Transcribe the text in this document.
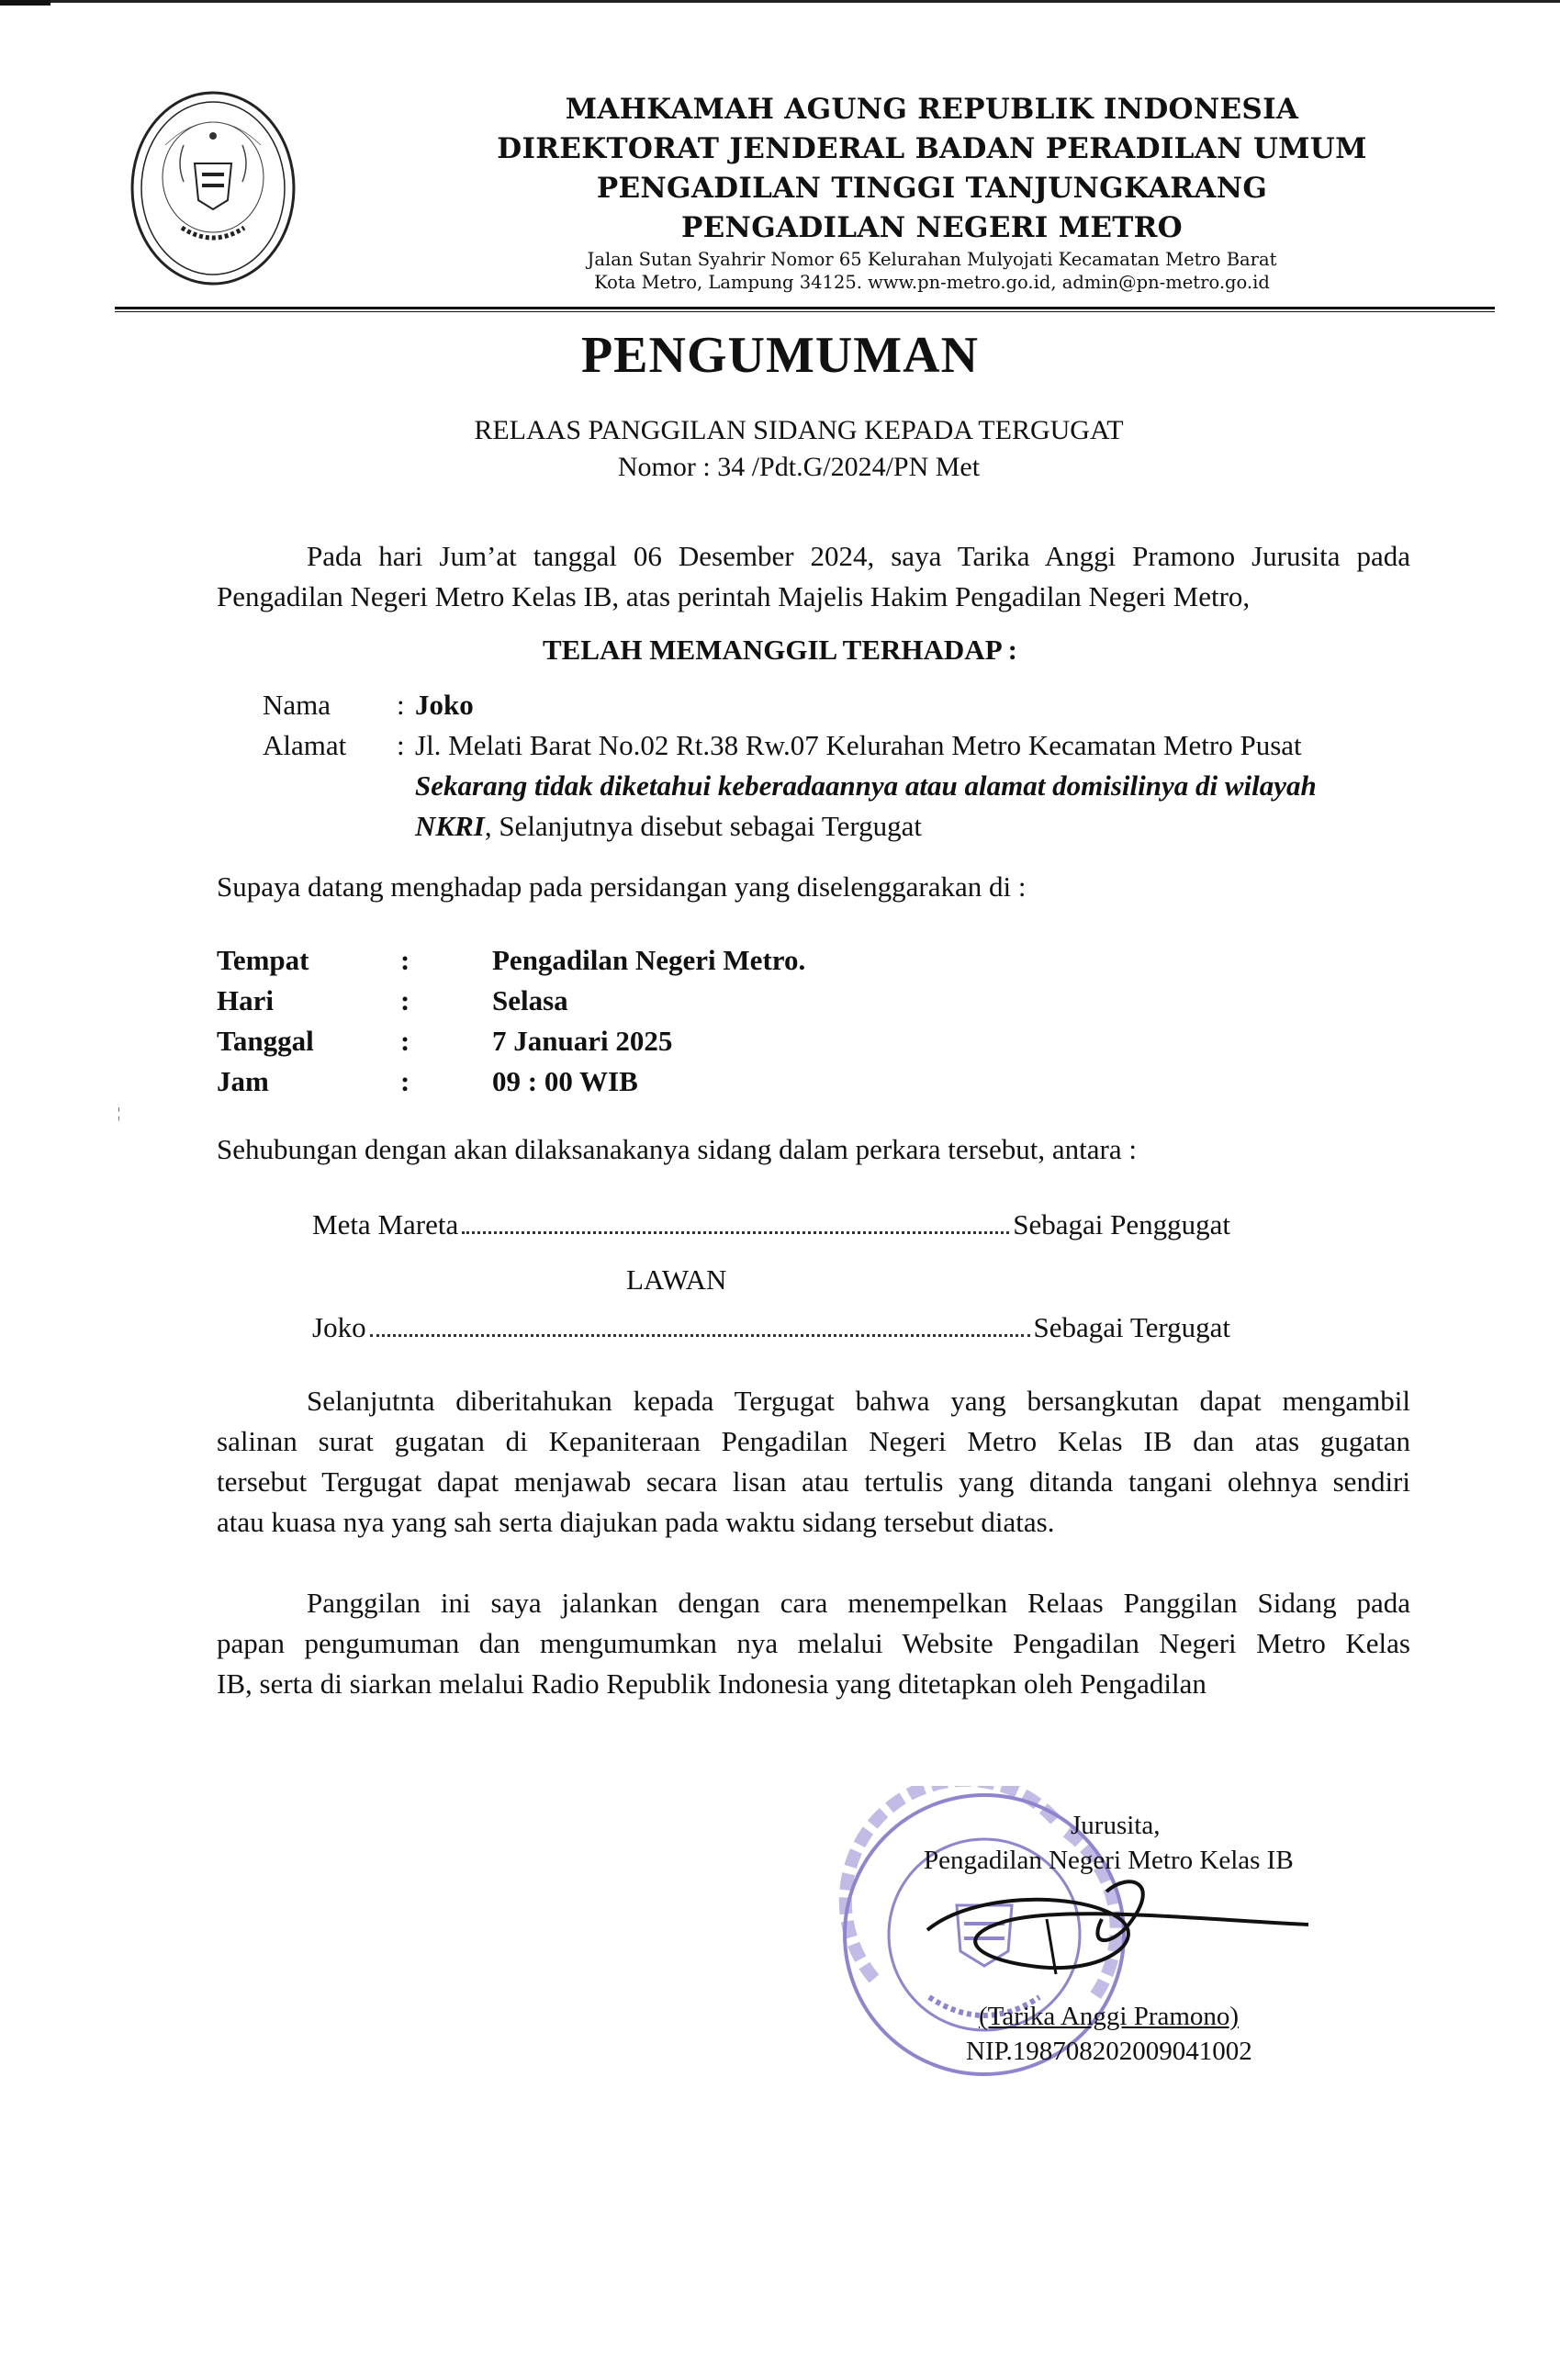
MAHKAMAH AGUNG REPUBLIK INDONESIA
DIREKTORAT JENDERAL BADAN PERADILAN UMUM
PENGADILAN TINGGI TANJUNGKARANG
PENGADILAN NEGERI METRO
Jalan Sutan Syahrir Nomor 65 Kelurahan Mulyojati Kecamatan Metro Barat
Kota Metro, Lampung 34125. www.pn-metro.go.id, admin@pn-metro.go.id
PENGUMUMAN
RELAAS PANGGILAN SIDANG KEPADA TERGUGAT
Nomor : 34 /Pdt.G/2024/PN Met
Pada hari Jum’at tanggal 06 Desember 2024, saya Tarika Anggi Pramono Jurusita pada
Pengadilan Negeri Metro Kelas IB, atas perintah Majelis Hakim Pengadilan Negeri Metro,
TELAH MEMANGGIL TERHADAP :
Nama : Joko
Alamat : Jl. Melati Barat No.02 Rt.38 Rw.07 Kelurahan Metro Kecamatan Metro Pusat
Sekarang tidak diketahui keberadaannya atau alamat domisilinya di wilayah
NKRI, Selanjutnya disebut sebagai Tergugat
Supaya datang menghadap pada persidangan yang diselenggarakan di :
Tempat	:	Pengadilan Negeri Metro.
Hari	:	Selasa
Tanggal	:	7 Januari 2025
Jam	:	09 : 00 WIB
¦
Sehubungan dengan akan dilaksanakanya sidang dalam perkara tersebut, antara :
Meta Mareta	Sebagai Penggugat
LAWAN
Joko	Sebagai Tergugat
Selanjutnta diberitahukan kepada Tergugat bahwa yang bersangkutan dapat mengambil
salinan surat gugatan di Kepaniteraan Pengadilan Negeri Metro Kelas IB dan atas gugatan
tersebut Tergugat dapat menjawab secara lisan atau tertulis yang ditanda tangani olehnya sendiri
atau kuasa nya yang sah serta diajukan pada waktu sidang tersebut diatas.
Panggilan ini saya jalankan dengan cara menempelkan Relaas Panggilan Sidang pada
papan pengumuman dan mengumumkan nya melalui Website Pengadilan Negeri Metro Kelas
IB, serta di siarkan melalui Radio Republik Indonesia yang ditetapkan oleh Pengadilan
Jurusita,
Pengadilan Negeri Metro Kelas IB
(Tarika Anggi Pramono)
NIP.198708202009041002
